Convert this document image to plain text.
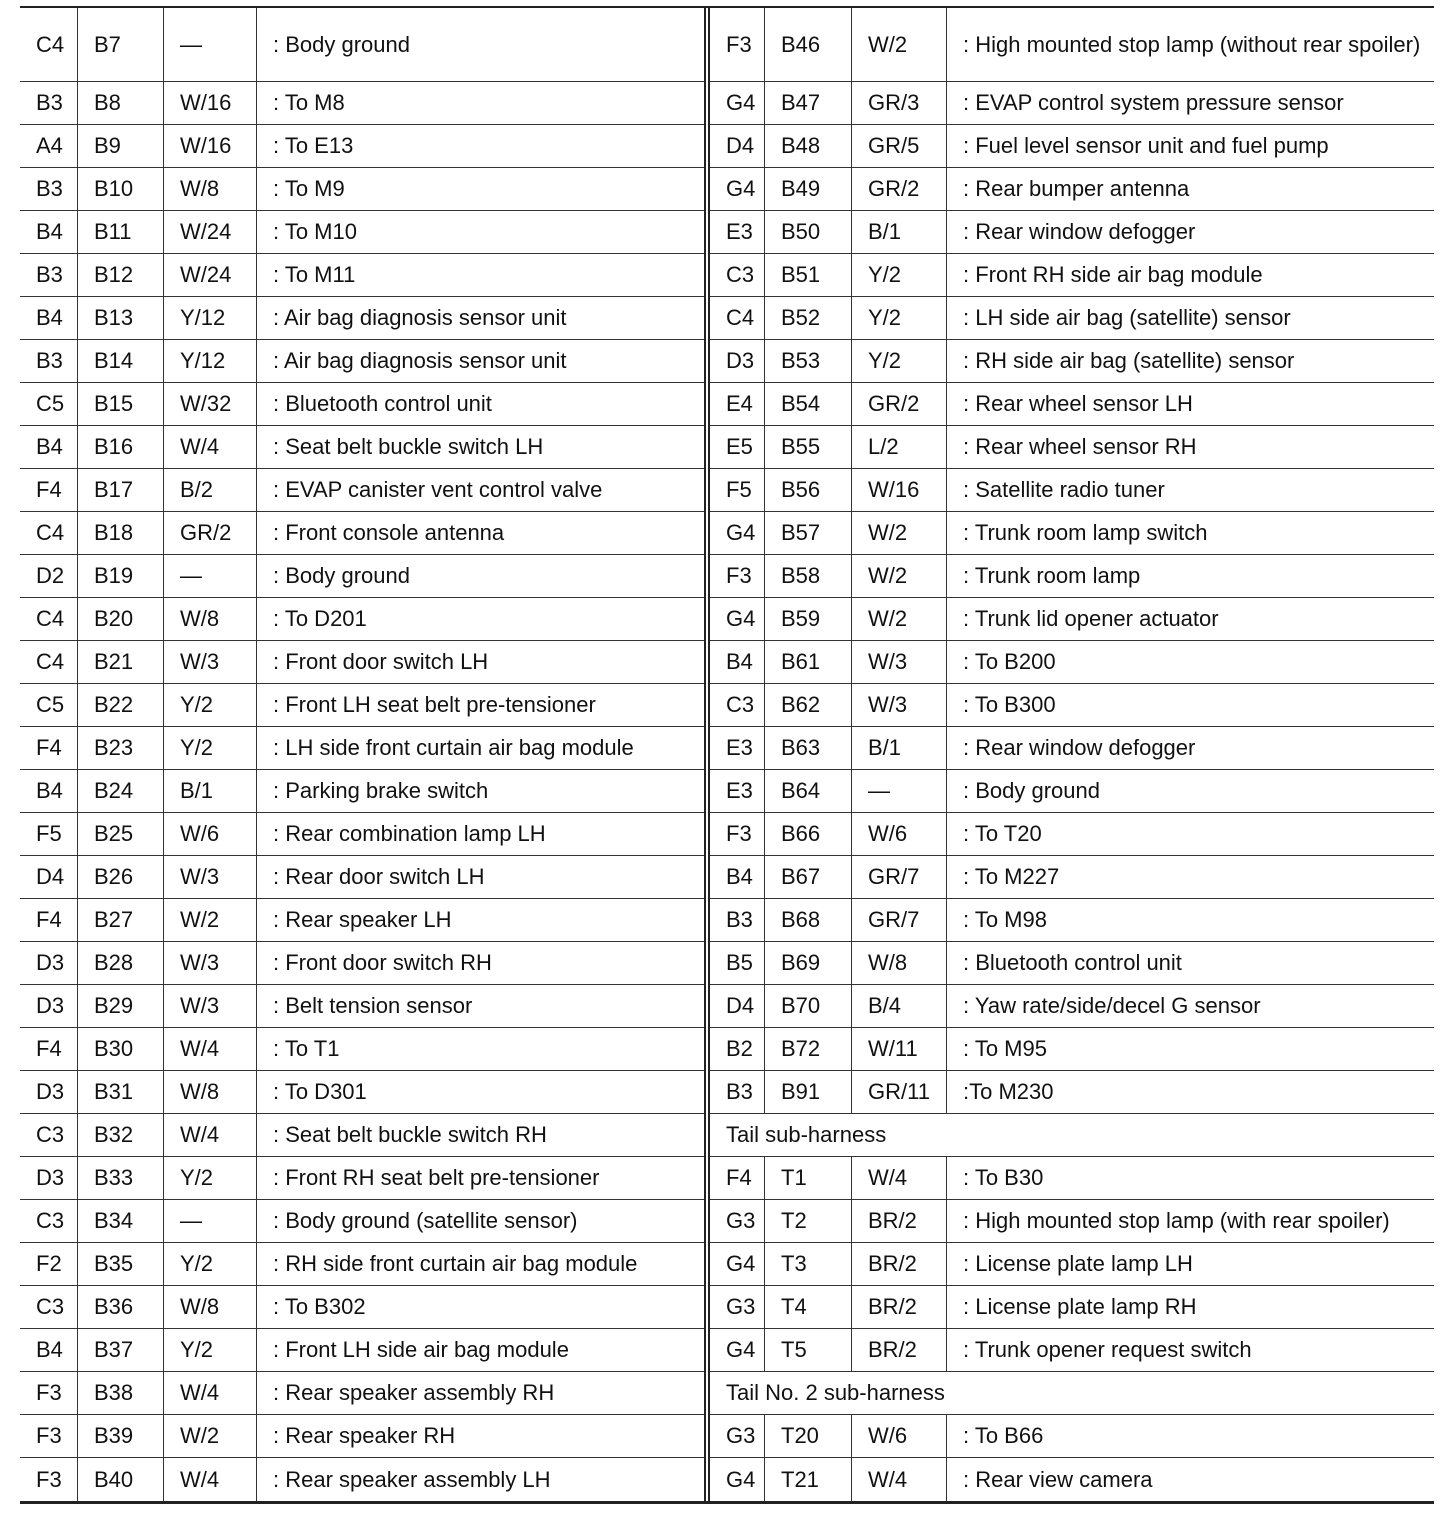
C4	B7	—	: Body ground
B3	B8	W/16	: To M8
A4	B9	W/16	: To E13
B3	B10	W/8	: To M9
B4	B11	W/24	: To M10
B3	B12	W/24	: To M11
B4	B13	Y/12	: Air bag diagnosis sensor unit
B3	B14	Y/12	: Air bag diagnosis sensor unit
C5	B15	W/32	: Bluetooth control unit
B4	B16	W/4	: Seat belt buckle switch LH
F4	B17	B/2	: EVAP canister vent control valve
C4	B18	GR/2	: Front console antenna
D2	B19	—	: Body ground
C4	B20	W/8	: To D201
C4	B21	W/3	: Front door switch LH
C5	B22	Y/2	: Front LH seat belt pre-tensioner
F4	B23	Y/2	: LH side front curtain air bag module
B4	B24	B/1	: Parking brake switch
F5	B25	W/6	: Rear combination lamp LH
D4	B26	W/3	: Rear door switch LH
F4	B27	W/2	: Rear speaker LH
D3	B28	W/3	: Front door switch RH
D3	B29	W/3	: Belt tension sensor
F4	B30	W/4	: To T1
D3	B31	W/8	: To D301
C3	B32	W/4	: Seat belt buckle switch RH
D3	B33	Y/2	: Front RH seat belt pre-tensioner
C3	B34	—	: Body ground (satellite sensor)
F2	B35	Y/2	: RH side front curtain air bag module
C3	B36	W/8	: To B302
B4	B37	Y/2	: Front LH side air bag module
F3	B38	W/4	: Rear speaker assembly RH
F3	B39	W/2	: Rear speaker RH
F3	B40	W/4	: Rear speaker assembly LH
F3	B46	W/2	: High mounted stop lamp (without rear spoiler)
G4	B47	GR/3	: EVAP control system pressure sensor
D4	B48	GR/5	: Fuel level sensor unit and fuel pump
G4	B49	GR/2	: Rear bumper antenna
E3	B50	B/1	: Rear window defogger
C3	B51	Y/2	: Front RH side air bag module
C4	B52	Y/2	: LH side air bag (satellite) sensor
D3	B53	Y/2	: RH side air bag (satellite) sensor
E4	B54	GR/2	: Rear wheel sensor LH
E5	B55	L/2	: Rear wheel sensor RH
F5	B56	W/16	: Satellite radio tuner
G4	B57	W/2	: Trunk room lamp switch
F3	B58	W/2	: Trunk room lamp
G4	B59	W/2	: Trunk lid opener actuator
B4	B61	W/3	: To B200
C3	B62	W/3	: To B300
E3	B63	B/1	: Rear window defogger
E3	B64	—	: Body ground
F3	B66	W/6	: To T20
B4	B67	GR/7	: To M227
B3	B68	GR/7	: To M98
B5	B69	W/8	: Bluetooth control unit
D4	B70	B/4	: Yaw rate/side/decel G sensor
B2	B72	W/11	: To M95
B3	B91	GR/11	:To M230
Tail sub-harness
F4	T1	W/4	: To B30
G3	T2	BR/2	: High mounted stop lamp (with rear spoiler)
G4	T3	BR/2	: License plate lamp LH
G3	T4	BR/2	: License plate lamp RH
G4	T5	BR/2	: Trunk opener request switch
Tail No. 2 sub-harness
G3	T20	W/6	: To B66
G4	T21	W/4	: Rear view camera
